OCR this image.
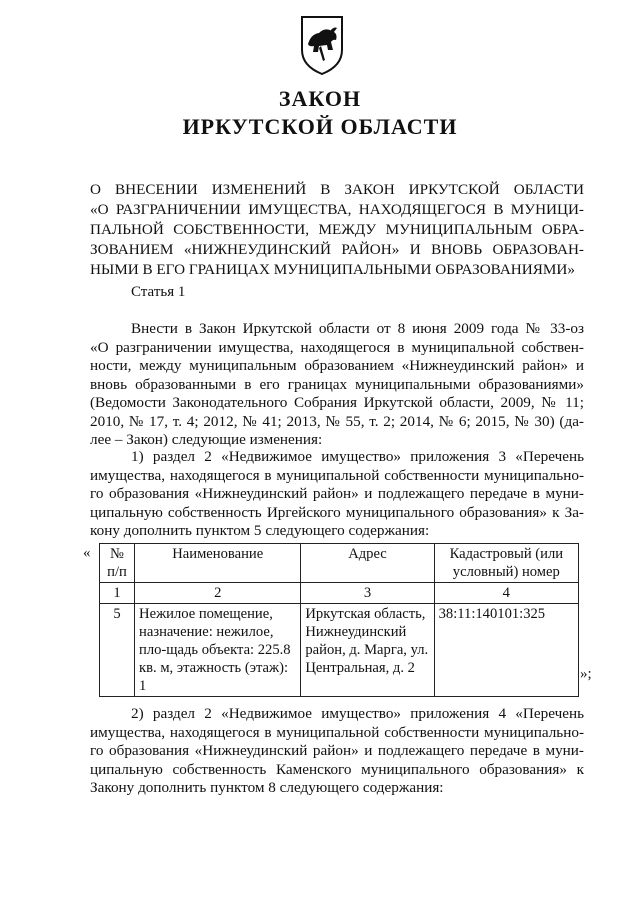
ЗАКОН
ИРКУТСКОЙ ОБЛАСТИ
О ВНЕСЕНИИ ИЗМЕНЕНИЙ В ЗАКОН ИРКУТСКОЙ ОБЛАСТИ
«О РАЗГРАНИЧЕНИИ ИМУЩЕСТВА, НАХОДЯЩЕГОСЯ В МУНИЦИ-
ПАЛЬНОЙ СОБСТВЕННОСТИ, МЕЖДУ МУНИЦИПАЛЬНЫМ ОБРА-
ЗОВАНИЕМ «НИЖНЕУДИНСКИЙ РАЙОН» И ВНОВЬ ОБРАЗОВАН-
НЫМИ В ЕГО ГРАНИЦАХ МУНИЦИПАЛЬНЫМИ ОБРАЗОВАНИЯМИ»
Статья 1
Внести в Закон Иркутской области от 8 июня 2009 года № 33-оз
«О разграничении имущества, находящегося в муниципальной собствен-
ности, между муниципальным образованием «Нижнеудинский район» и
вновь образованными в его границах муниципальными образованиями»
(Ведомости Законодательного Собрания Иркутской области, 2009, № 11;
2010, № 17, т. 4; 2012, № 41; 2013, № 55, т. 2; 2014, № 6; 2015, № 30) (да-
лее – Закон) следующие изменения:
1) раздел 2 «Недвижимое имущество» приложения 3 «Перечень
имущества, находящегося в муниципальной собственности муниципально-
го образования «Нижнеудинский район» и подлежащего передаче в муни-
ципальную собственность Иргейского муниципального образования» к За-
кону дополнить пунктом 5 следующего содержания:
« № п/п	Наименование	Адрес	Кадастровый (или условный) номер
1	2	3	4
5	Нежилое помещение, назначение: нежилое, пло-щадь объекта: 225.8 кв. м, этажность (этаж): 1	Иркутская область, Нижнеудинский район, д. Марга, ул. Центральная, д. 2	38:11:140101:325
»;
2) раздел 2 «Недвижимое имущество» приложения 4 «Перечень
имущества, находящегося в муниципальной собственности муниципально-
го образования «Нижнеудинский район» и подлежащего передаче в муни-
ципальную собственность Каменского муниципального образования» к
Закону дополнить пунктом 8 следующего содержания:
